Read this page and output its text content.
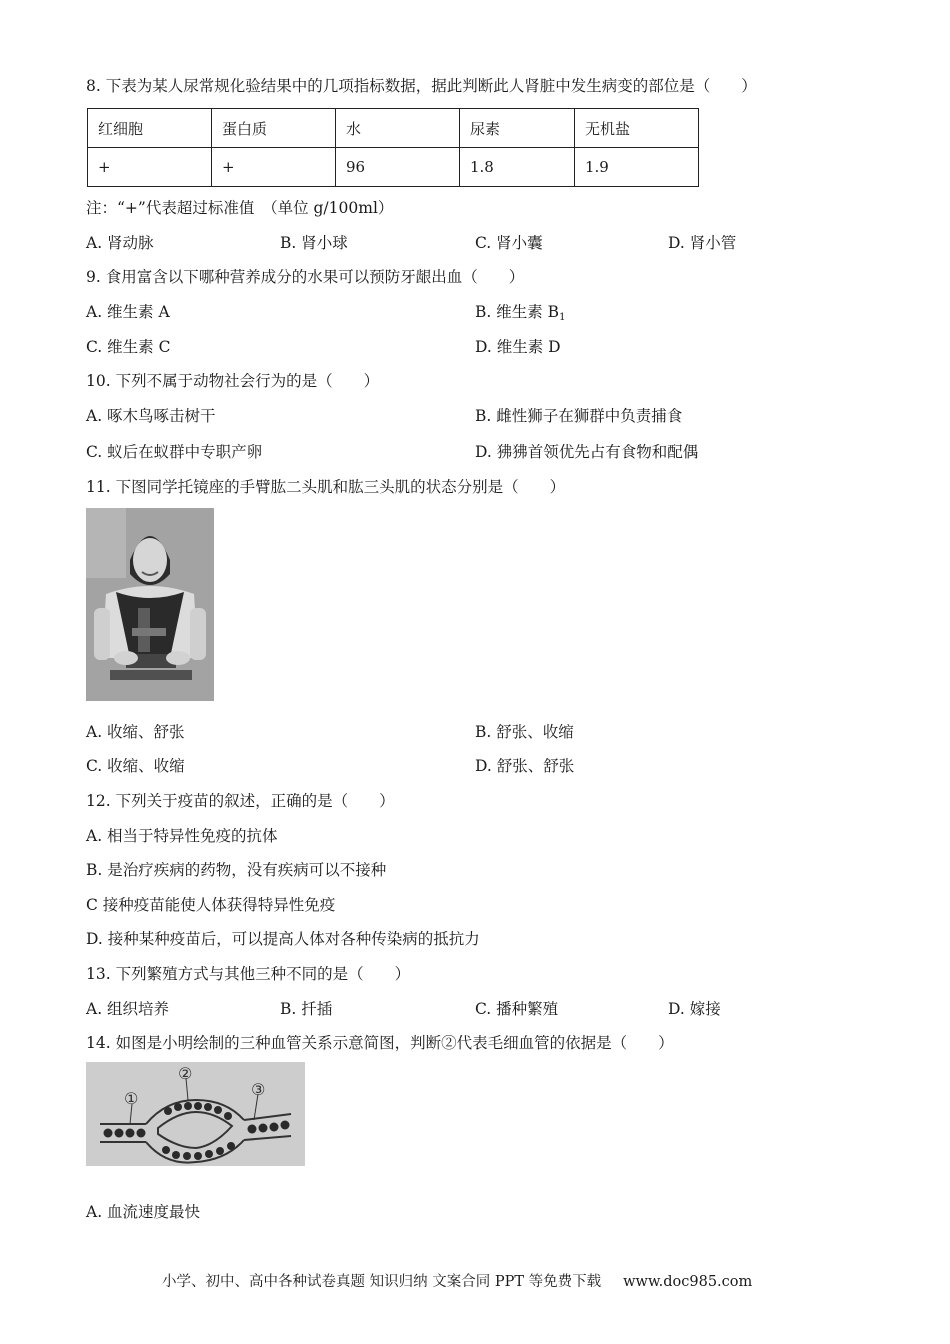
8. 下表为某人尿常规化验结果中的几项指标数据，据此判断此人肾脏中发生病变的部位是（　　）
红细胞	蛋白质	水	尿素	无机盐
+	+	96	1.8	1.9
注：“+”代表超过标准值　（单位 g/100ml）
A. 肾动脉	B. 肾小球	C. 肾小囊	D. 肾小管
9. 食用富含以下哪种营养成分的水果可以预防牙龈出血（　　）
A. 维生素 A	B. 维生素 $B_1$
C. 维生素 C	D. 维生素 D
10. 下列不属于动物社会行为的是（　　）
A. 啄木鸟啄击树干	B. 雌性狮子在狮群中负责捕食
C. 蚁后在蚁群中专职产卵	D. 狒狒首领优先占有食物和配偶
11. 下图同学托镜座的手臂肱二头肌和肱三头肌的状态分别是（　　）
A. 收缩、舒张	B. 舒张、收缩
C. 收缩、收缩	D. 舒张、舒张
12. 下列关于疫苗的叙述，正确的是（　　）
A. 相当于特异性免疫的抗体
B. 是治疗疾病的药物，没有疾病可以不接种
C 接种疫苗能使人体获得特异性免疫
D. 接种某种疫苗后，可以提高人体对各种传染病的抵抗力
13. 下列繁殖方式与其他三种不同的是（　　）
A. 组织培养	B. 扦插	C. 播种繁殖	D. 嫁接
14. 如图是小明绘制的三种血管关系示意简图，判断②代表毛细血管的依据是（　　）
①
②
③
A. 血流速度最快
小学、初中、高中各种试卷真题 知识归纳 文案合同 PPT 等免费下载 www.doc985.com
